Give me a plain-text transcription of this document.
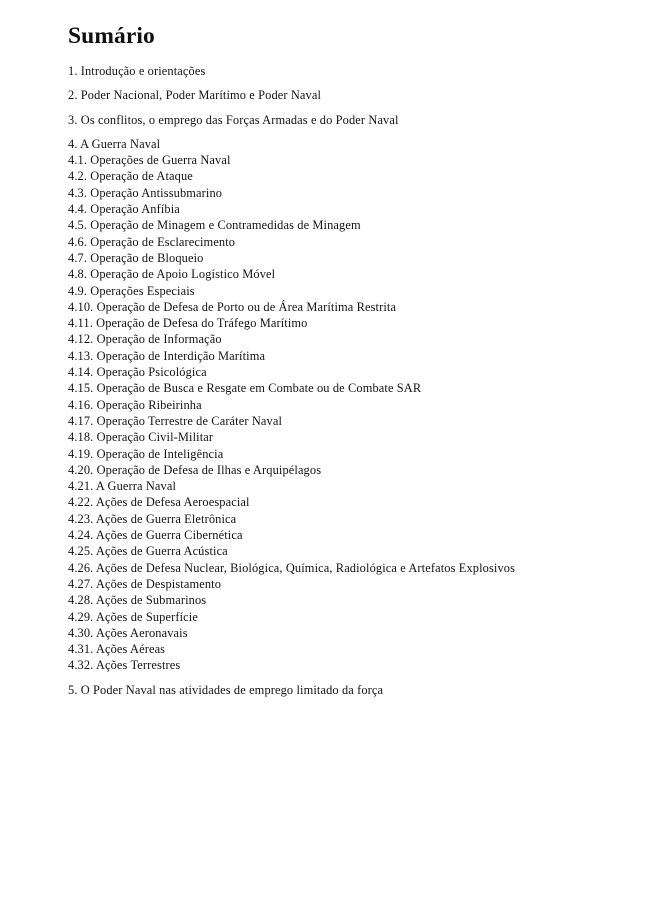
Sumário

1. Introdução e orientações

2. Poder Nacional, Poder Marítimo e Poder Naval

3. Os conflitos, o emprego das Forças Armadas e do Poder Naval

4. A Guerra Naval

4.1. Operações de Guerra Naval

4.2. Operação de Ataque

4.3. Operação Antissubmarino

4.4. Operação Anfíbia

4.5. Operação de Minagem e Contramedidas de Minagem

4.6. Operação de Esclarecimento

4.7. Operação de Bloqueio

4.8. Operação de Apoio Logístico Móvel

4.9. Operações Especiais

4.10. Operação de Defesa de Porto ou de Área Marítima Restrita

4.11. Operação de Defesa do Tráfego Marítimo

4.12. Operação de Informação

4.13. Operação de Interdição Marítima

4.14. Operação Psicológica

4.15. Operação de Busca e Resgate em Combate ou de Combate SAR

4.16. Operação Ribeirinha

4.17. Operação Terrestre de Caráter Naval

4.18. Operação Civil-Militar

4.19. Operação de Inteligência

4.20. Operação de Defesa de Ilhas e Arquipélagos

4.21. A Guerra Naval

4.22. Ações de Defesa Aeroespacial

4.23. Ações de Guerra Eletrônica

4.24. Ações de Guerra Cibernética

4.25. Ações de Guerra Acústica

4.26. Ações de Defesa Nuclear, Biológica, Química, Radiológica e Artefatos Explosivos

4.27. Ações de Despistamento

4.28. Ações de Submarinos

4.29. Ações de Superfície

4.30. Ações Aeronavais

4.31. Ações Aéreas

4.32. Ações Terrestres

5. O Poder Naval nas atividades de emprego limitado da força
